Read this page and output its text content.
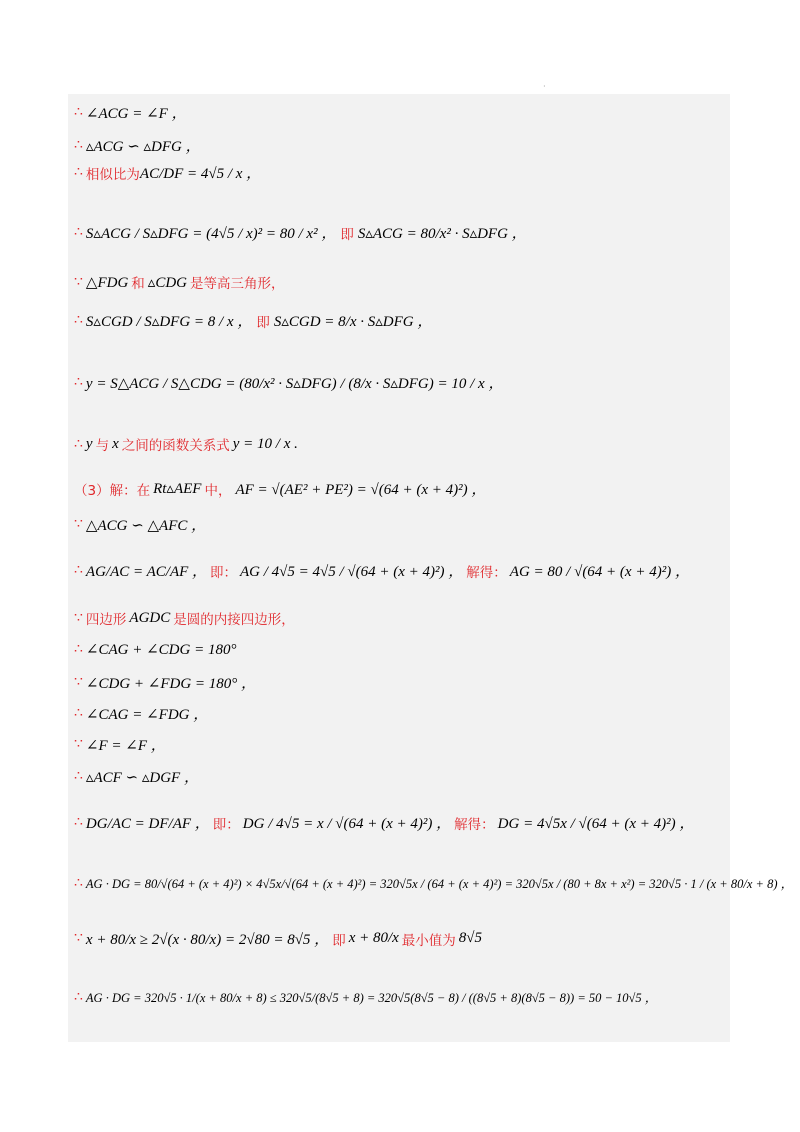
·
∴ ∠ACG = ∠F ，
∴ ▵ACG ∽ ▵DFG ，
∴ 相似比为 AC/DF = 4√5 / x ，
∴ S▵ACG / S▵DFG = (4√5 / x)² = 80 / x² ， 即 S▵ACG = 80/x² · S▵DFG ，
∵ △FDG 和 ▵CDG 是等高三角形，
∴ S▵CGD / S▵DFG = 8 / x ， 即 S▵CGD = 8/x · S▵DFG ，
∴ y = S△ACG / S△CDG = (80/x² · S▵DFG) / (8/x · S▵DFG) = 10 / x ，
∴ y 与 x 之间的函数关系式 y = 10 / x .
（3）解：在 Rt▵AEF 中， AF = √(AE² + PE²) = √(64 + (x + 4)²) ，
∵ △ACG ∽ △AFC ，
∴ AG/AC = AC/AF ， 即： AG / 4√5 = 4√5 / √(64 + (x + 4)²) ， 解得： AG = 80 / √(64 + (x + 4)²) ，
∵ 四边形 AGDC 是圆的内接四边形，
∴ ∠CAG + ∠CDG = 180°
∵ ∠CDG + ∠FDG = 180° ，
∴ ∠CAG = ∠FDG ，
∵ ∠F = ∠F ，
∴ ▵ACF ∽ ▵DGF ，
∴ DG/AC = DF/AF ， 即： DG / 4√5 = x / √(64 + (x + 4)²) ， 解得： DG = 4√5x / √(64 + (x + 4)²) ，
∴ AG · DG = 80/√(64 + (x + 4)²) × 4√5x/√(64 + (x + 4)²) = 320√5x / (64 + (x + 4)²) = 320√5x / (80 + 8x + x²) = 320√5 · 1 / (x + 80/x + 8) ，
∵ x + 80/x ≥ 2√(x · 80/x) = 2√80 = 8√5 ， 即 x + 80/x 最小值为 8√5
∴ AG · DG = 320√5 · 1/(x + 80/x + 8) ≤ 320√5/(8√5 + 8) = 320√5(8√5 − 8) / ((8√5 + 8)(8√5 − 8)) = 50 − 10√5 ，
